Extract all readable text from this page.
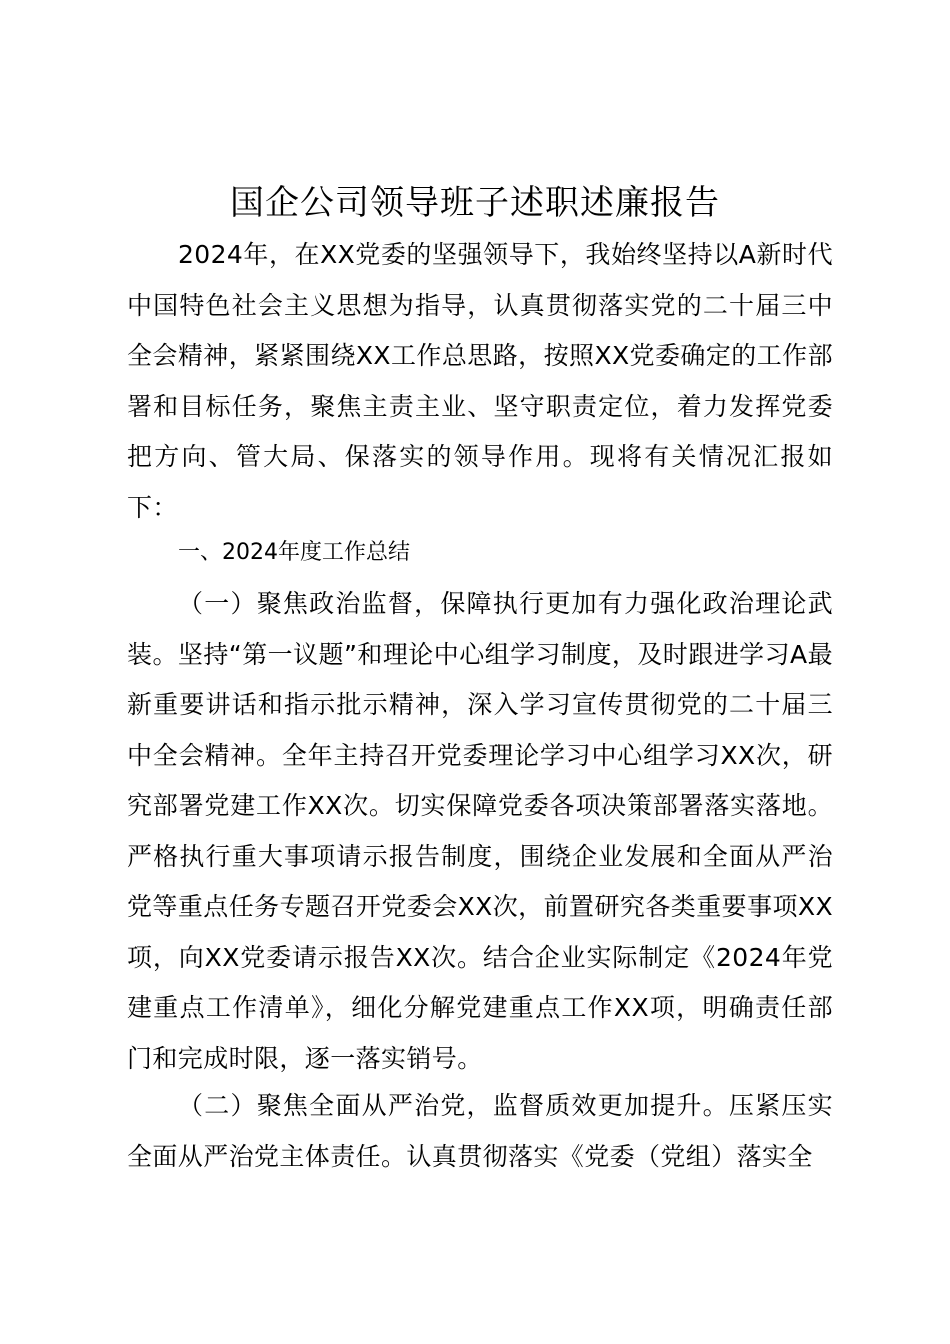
国企公司领导班子述职述廉报告

2024年，在XX党委的坚强领导下，我始终坚持以A新时代中国特色社会主义思想为指导，认真贯彻落实党的二十届三中全会精神，紧紧围绕XX工作总思路，按照XX党委确定的工作部署和目标任务，聚焦主责主业、坚守职责定位，着力发挥党委把方向、管大局、保落实的领导作用。现将有关情况汇报如下：

一、2024年度工作总结

（一）聚焦政治监督，保障执行更加有力强化政治理论武装。坚持“第一议题”和理论中心组学习制度，及时跟进学习A最新重要讲话和指示批示精神，深入学习宣传贯彻党的二十届三中全会精神。全年主持召开党委理论学习中心组学习XX次，研究部署党建工作XX次。切实保障党委各项决策部署落实落地。严格执行重大事项请示报告制度，围绕企业发展和全面从严治党等重点任务专题召开党委会XX次，前置研究各类重要事项XX项，向XX党委请示报告XX次。结合企业实际制定《2024年党建重点工作清单》，细化分解党建重点工作XX项，明确责任部门和完成时限，逐一落实销号。

（二）聚焦全面从严治党，监督质效更加提升。压紧压实全面从严治党主体责任。认真贯彻落实《党委（党组）落实全
